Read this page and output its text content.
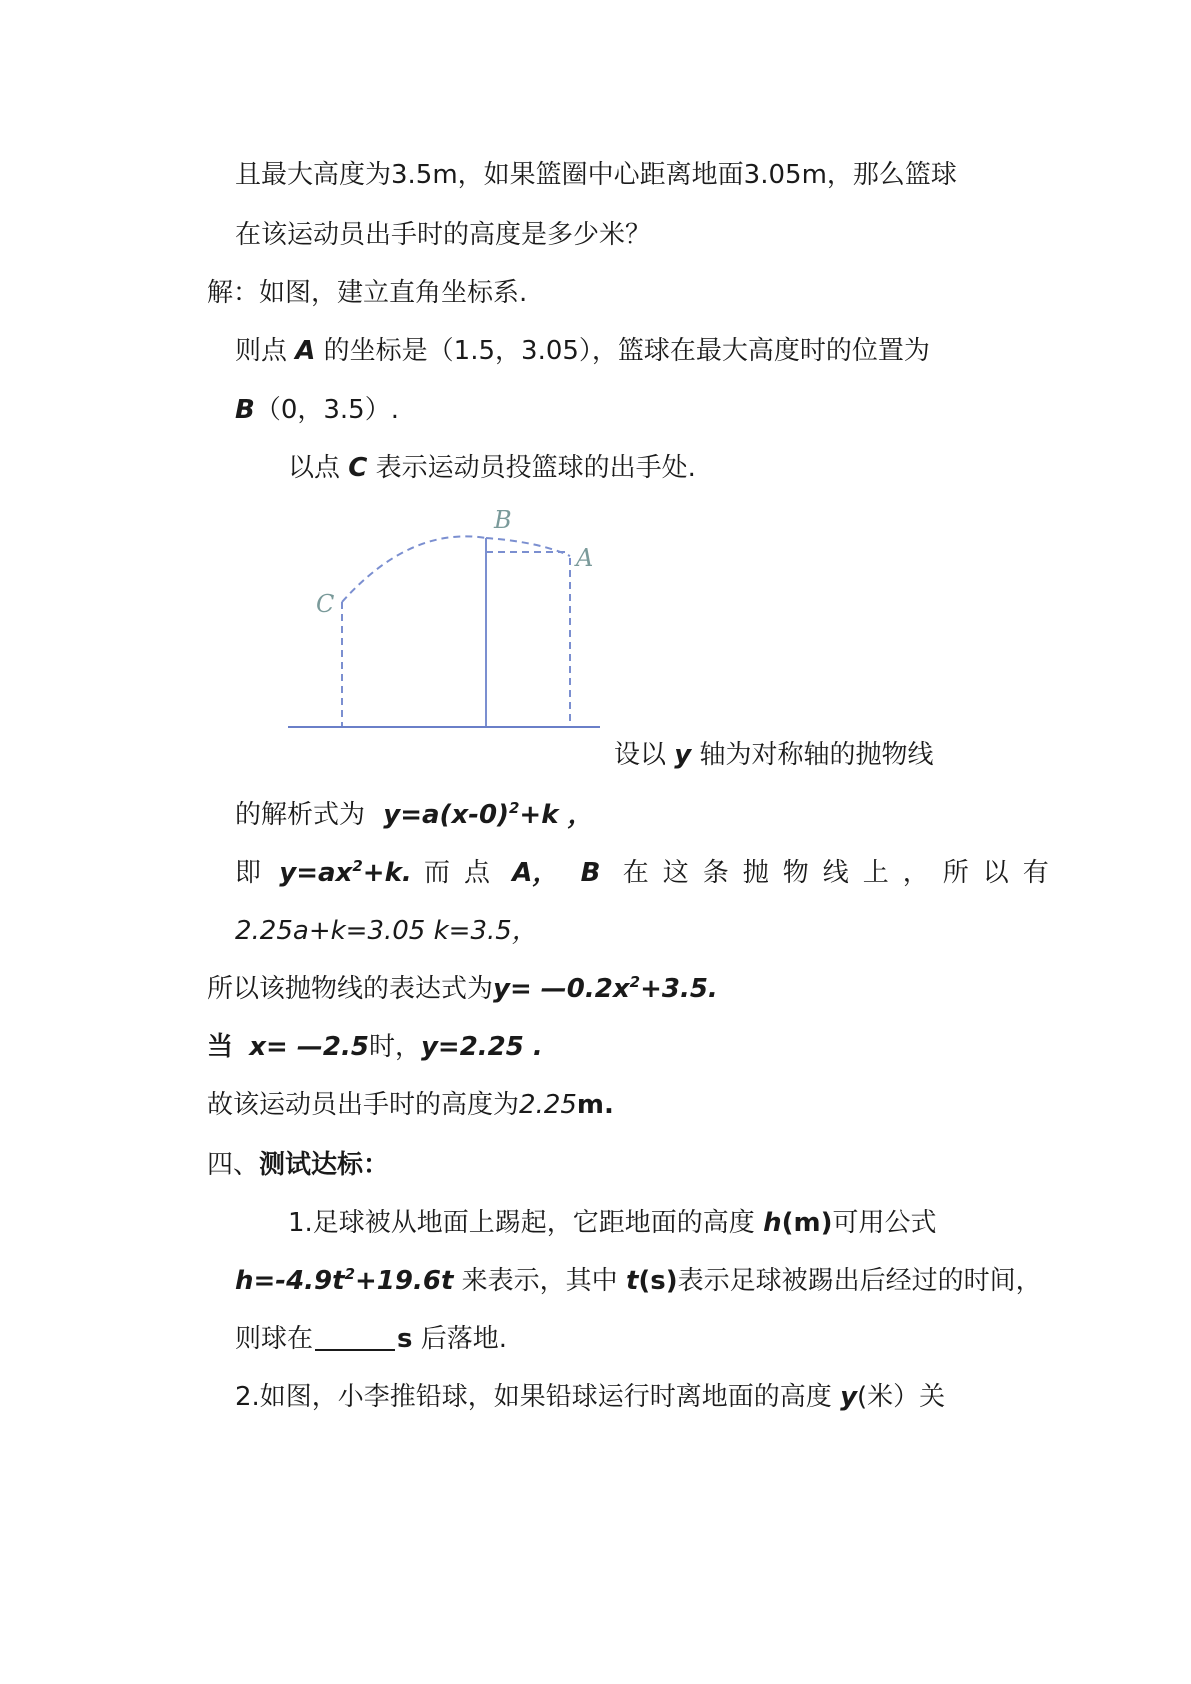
且最大高度为3.5m，如果篮圈中心距离地面3.05m，那么篮球
在该运动员出手时的高度是多少米？
解：如图，建立直角坐标系.
则点 A 的坐标是（1.5，3.05），篮球在最大高度时的位置为
B（0，3.5）.
以点 C 表示运动员投篮球的出手处.
B
A
C
设以 y 轴为对称轴的抛物线
的解析式为 $y=a(x-0)^2+k$ ，
即 $y=ax^2+k$. 而点 A， B 在这条抛物线上，所以有
2.25a+k=3.05 k=3.5，
所以该抛物线的表达式为$y= —0.2x^2+3.5$.
当 x= —2.5时，y=2.25 .
故该运动员出手时的高度为2.25m.
四、测试达标：
1.足球被从地面上踢起，它距地面的高度 h(m)可用公式
$h=-4.9t^2+19.6t$ 来表示，其中 t(s)表示足球被踢出后经过的时间，
则球在	s 后落地.
2.如图，小李推铅球，如果铅球运行时离地面的高度 y(米）关
